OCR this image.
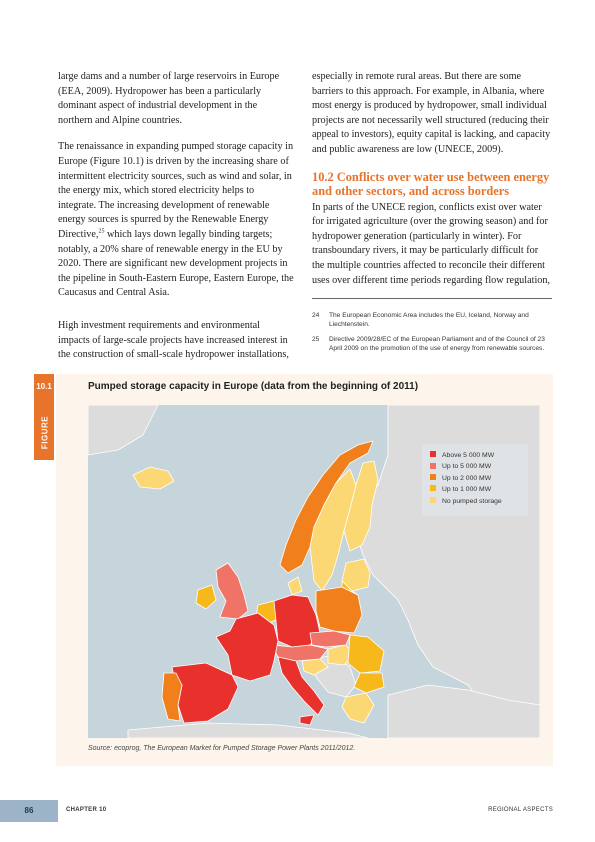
large dams and a number of large reservoirs in Europe (EEA, 2009). Hydropower has been a particularly dominant aspect of industrial development in the northern and Alpine countries.

The renaissance in expanding pumped storage capacity in Europe (Figure 10.1) is driven by the increasing share of intermittent electricity sources, such as wind and solar, in the energy mix, which stored electricity helps to integrate. The increasing development of renewable energy sources is spurred by the Renewable Energy Directive,$^{25}$ which lays down legally binding targets; notably, a 20% share of renewable energy in the EU by 2020. There are significant new development projects in the pipeline in South-Eastern Europe, Eastern Europe, the Caucasus and Central Asia.

High investment requirements and environmental impacts of large-scale projects have increased interest in the construction of small-scale hydropower installations,

especially in remote rural areas. But there are some barriers to this approach. For example, in Albania, where most energy is produced by hydropower, small individual projects are not necessarily well structured (reducing their appeal to investors), equity capital is lacking, and capacity and public awareness are low (UNECE, 2009).

10.2 Conflicts over water use between energy and other sectors, and across borders

In parts of the UNECE region, conflicts exist over water for irrigated agriculture (over the growing season) and for hydropower generation (particularly in winter). For transboundary rivers, it may be particularly difficult for the multiple countries affected to reconcile their different uses over different time periods regarding flow regulation,

24 The European Economic Area includes the EU, Iceland, Norway and Liechtenstein.
25 Directive 2009/28/EC of the European Parliament and of the Council of 23 April 2009 on the promotion of the use of energy from renewable sources.
10.1
FIGURE
Pumped storage capacity in Europe (data from the beginning of 2011)
Above 5 000 MW
Up to 5 000 MW
Up to 2 000 MW
Up to 1 000 MW
No pumped storage
Source: ecoprog, The European Market for Pumped Storage Power Plants 2011/2012.
86	CHAPTER 10	REGIONAL ASPECTS
